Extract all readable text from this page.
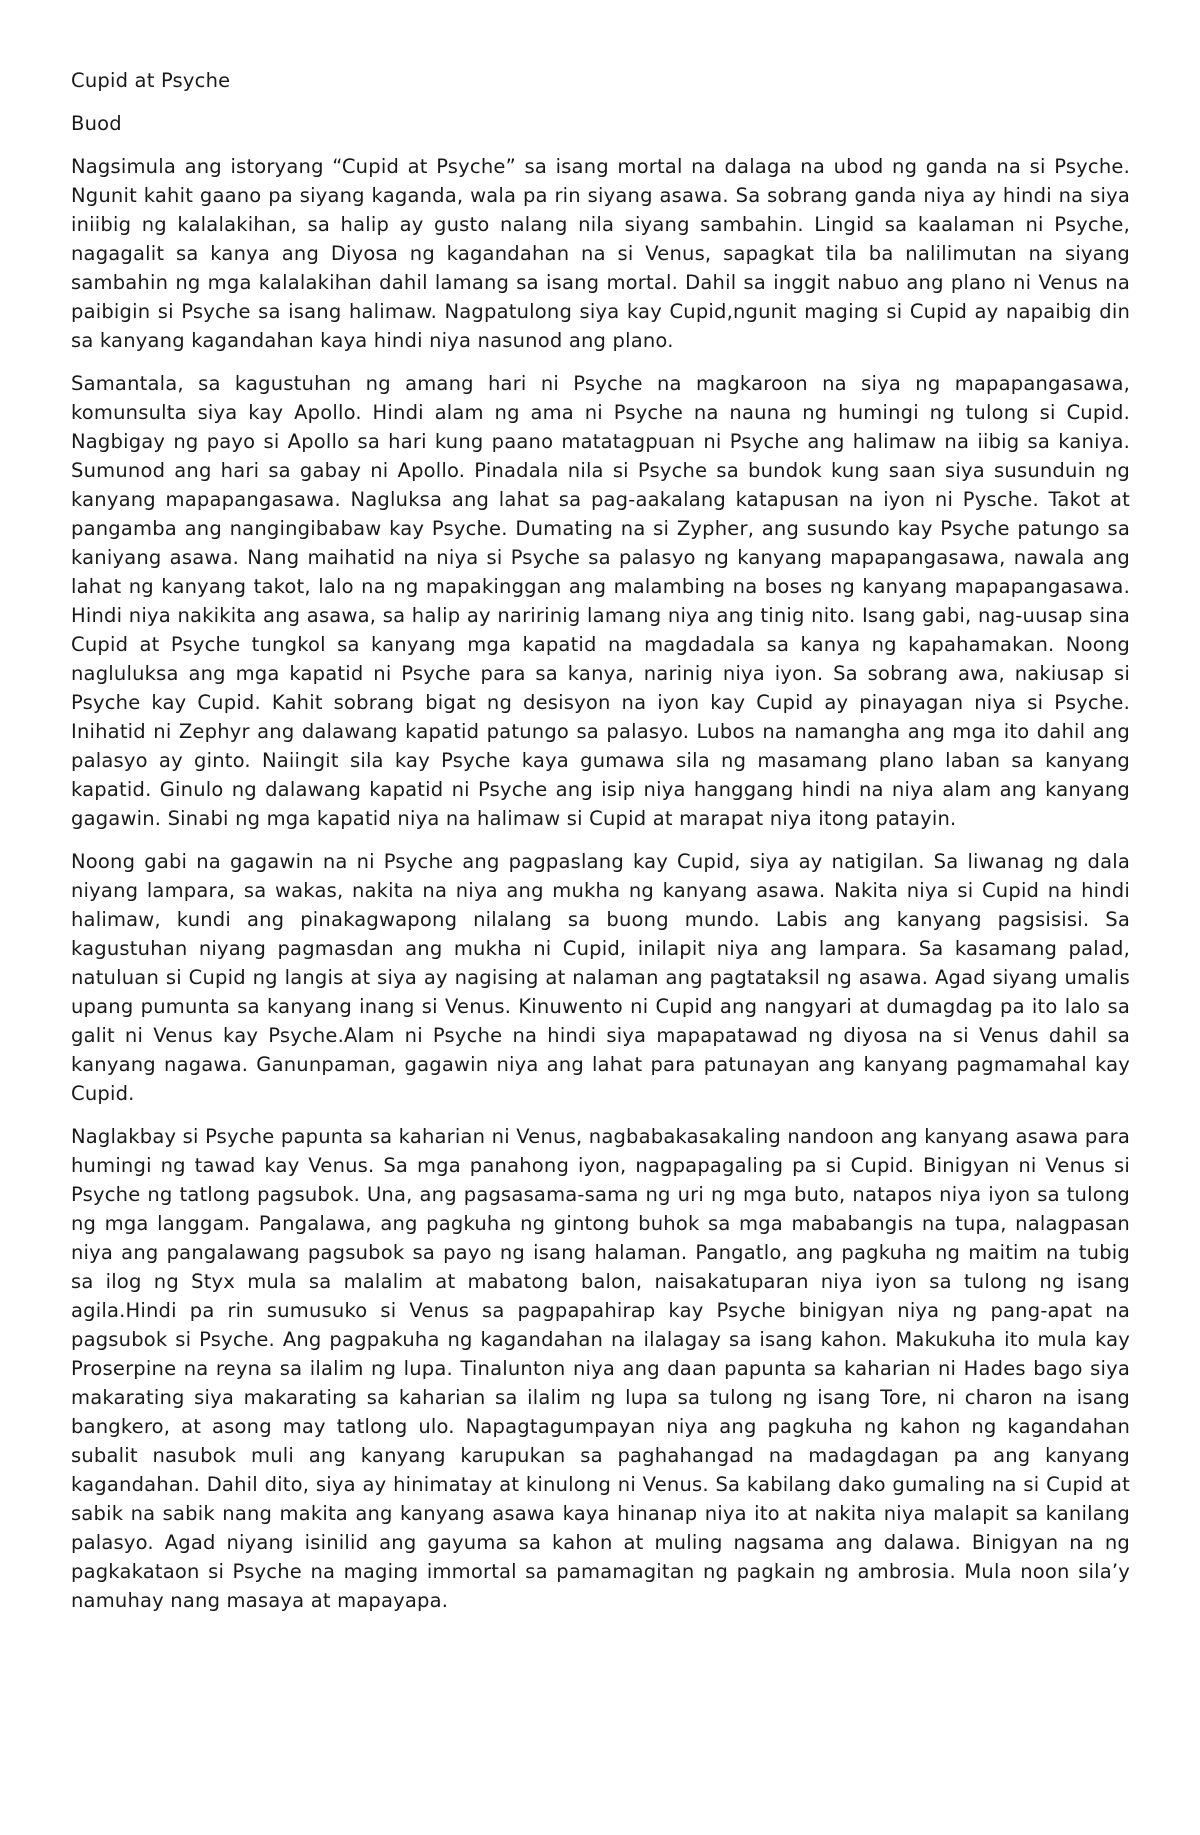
Cupid at Psyche

Buod

Nagsimula ang istoryang “Cupid at Psyche” sa isang mortal na dalaga na ubod ng ganda na si Psyche. Ngunit kahit gaano pa siyang kaganda, wala pa rin siyang asawa. Sa sobrang ganda niya ay hindi na siya iniibig ng kalalakihan, sa halip ay gusto nalang nila siyang sambahin. Lingid sa kaalaman ni Psyche, nagagalit sa kanya ang Diyosa ng kagandahan na si Venus, sapagkat tila ba nalilimutan na siyang sambahin ng mga kalalakihan dahil lamang sa isang mortal. Dahil sa inggit nabuo ang plano ni Venus na paibigin si Psyche sa isang halimaw. Nagpatulong siya kay Cupid,ngunit maging si Cupid ay napaibig din sa kanyang kagandahan kaya hindi niya nasunod ang plano.

Samantala, sa kagustuhan ng amang hari ni Psyche na magkaroon na siya ng mapapangasawa, komunsulta siya kay Apollo. Hindi alam ng ama ni Psyche na nauna ng humingi ng tulong si Cupid. Nagbigay ng payo si Apollo sa hari kung paano matatagpuan ni Psyche ang halimaw na iibig sa kaniya. Sumunod ang hari sa gabay ni Apollo. Pinadala nila si Psyche sa bundok kung saan siya susunduin ng kanyang mapapangasawa. Nagluksa ang lahat sa pag-aakalang katapusan na iyon ni Pysche. Takot at pangamba ang nangingibabaw kay Psyche. Dumating na si Zypher, ang susundo kay Psyche patungo sa kaniyang asawa. Nang maihatid na niya si Psyche sa palasyo ng kanyang mapapangasawa, nawala ang lahat ng kanyang takot, lalo na ng mapakinggan ang malambing na boses ng kanyang mapapangasawa. Hindi niya nakikita ang asawa, sa halip ay naririnig lamang niya ang tinig nito. Isang gabi, nag-uusap sina Cupid at Psyche tungkol sa kanyang mga kapatid na magdadala sa kanya ng kapahamakan. Noong nagluluksa ang mga kapatid ni Psyche para sa kanya, narinig niya iyon. Sa sobrang awa, nakiusap si Psyche kay Cupid. Kahit sobrang bigat ng desisyon na iyon kay Cupid ay pinayagan niya si Psyche. Inihatid ni Zephyr ang dalawang kapatid patungo sa palasyo. Lubos na namangha ang mga ito dahil ang palasyo ay ginto. Naiingit sila kay Psyche kaya gumawa sila ng masamang plano laban sa kanyang kapatid. Ginulo ng dalawang kapatid ni Psyche ang isip niya hanggang hindi na niya alam ang kanyang gagawin. Sinabi ng mga kapatid niya na halimaw si Cupid at marapat niya itong patayin.

Noong gabi na gagawin na ni Psyche ang pagpaslang kay Cupid, siya ay natigilan. Sa liwanag ng dala niyang lampara, sa wakas, nakita na niya ang mukha ng kanyang asawa. Nakita niya si Cupid na hindi halimaw, kundi ang pinakagwapong nilalang sa buong mundo. Labis ang kanyang pagsisisi. Sa kagustuhan niyang pagmasdan ang mukha ni Cupid, inilapit niya ang lampara. Sa kasamang palad, natuluan si Cupid ng langis at siya ay nagising at nalaman ang pagtataksil ng asawa. Agad siyang umalis upang pumunta sa kanyang inang si Venus. Kinuwento ni Cupid ang nangyari at dumagdag pa ito lalo sa galit ni Venus kay Psyche.Alam ni Psyche na hindi siya mapapatawad ng diyosa na si Venus dahil sa kanyang nagawa. Ganunpaman, gagawin niya ang lahat para patunayan ang kanyang pagmamahal kay Cupid.

Naglakbay si Psyche papunta sa kaharian ni Venus, nagbabakasakaling nandoon ang kanyang asawa para humingi ng tawad kay Venus. Sa mga panahong iyon, nagpapagaling pa si Cupid. Binigyan ni Venus si Psyche ng tatlong pagsubok. Una, ang pagsasama-sama ng uri ng mga buto, natapos niya iyon sa tulong ng mga langgam. Pangalawa, ang pagkuha ng gintong buhok sa mga mababangis na tupa, nalagpasan niya ang pangalawang pagsubok sa payo ng isang halaman. Pangatlo, ang pagkuha ng maitim na tubig sa ilog ng Styx mula sa malalim at mabatong balon, naisakatuparan niya iyon sa tulong ng isang agila.Hindi pa rin sumusuko si Venus sa pagpapahirap kay Psyche binigyan niya ng pang-apat na pagsubok si Psyche. Ang pagpakuha ng kagandahan na ilalagay sa isang kahon. Makukuha ito mula kay Proserpine na reyna sa ilalim ng lupa. Tinalunton niya ang daan papunta sa kaharian ni Hades bago siya makarating siya makarating sa kaharian sa ilalim ng lupa sa tulong ng isang Tore, ni charon na isang bangkero, at asong may tatlong ulo. Napagtagumpayan niya ang pagkuha ng kahon ng kagandahan subalit nasubok muli ang kanyang karupukan sa paghahangad na madagdagan pa ang kanyang kagandahan. Dahil dito, siya ay hinimatay at kinulong ni Venus. Sa kabilang dako gumaling na si Cupid at sabik na sabik nang makita ang kanyang asawa kaya hinanap niya ito at nakita niya malapit sa kanilang palasyo. Agad niyang isinilid ang gayuma sa kahon at muling nagsama ang dalawa. Binigyan na ng pagkakataon si Psyche na maging immortal sa pamamagitan ng pagkain ng ambrosia. Mula noon sila’y namuhay nang masaya at mapayapa.
